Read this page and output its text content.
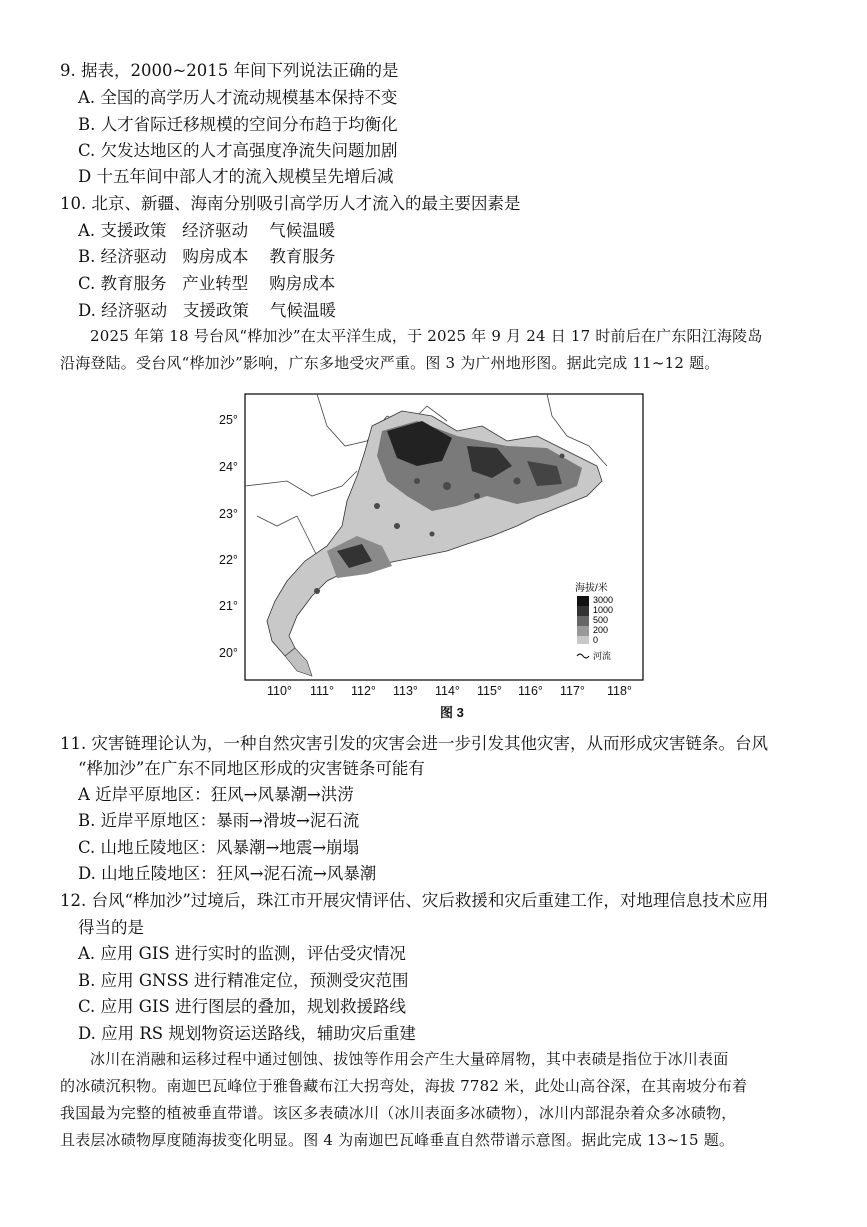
9. 据表，2000~2015 年间下列说法正确的是
A. 全国的高学历人才流动规模基本保持不变
B. 人才省际迁移规模的空间分布趋于均衡化
C. 欠发达地区的人才高强度净流失问题加剧
D 十五年间中部人才的流入规模呈先增后减
10. 北京、新疆、海南分别吸引高学历人才流入的最主要因素是
A. 支援政策   经济驱动    气候温暖
B. 经济驱动   购房成本    教育服务
C. 教育服务   产业转型    购房成本
D. 经济驱动   支援政策    气候温暖
2025 年第 18 号台风“桦加沙”在太平洋生成，于 2025 年 9 月 24 日 17 时前后在广东阳江海陵岛
沿海登陆。受台风“桦加沙”影响，广东多地受灾严重。图 3 为广州地形图。据此完成 11~12 题。
海拔/米
3000
1000
500
200
0
河流
25°
24°
23°
22°
21°
20°
110° 111° 112° 113° 114° 115° 116° 117° 118°
图 3
11. 灾害链理论认为，一种自然灾害引发的灾害会进一步引发其他灾害，从而形成灾害链条。台风
“桦加沙”在广东不同地区形成的灾害链条可能有
A 近岸平原地区：狂风→风暴潮→洪涝
B. 近岸平原地区：暴雨→滑坡→泥石流
C. 山地丘陵地区：风暴潮→地震→崩塌
D. 山地丘陵地区：狂风→泥石流→风暴潮
12. 台风“桦加沙”过境后，珠江市开展灾情评估、灾后救援和灾后重建工作，对地理信息技术应用
得当的是
A. 应用 GIS 进行实时的监测，评估受灾情况
B. 应用 GNSS 进行精准定位，预测受灾范围
C. 应用 GIS 进行图层的叠加，规划救援路线
D. 应用 RS 规划物资运送路线，辅助灾后重建
冰川在消融和运移过程中通过刨蚀、拔蚀等作用会产生大量碎屑物，其中表碛是指位于冰川表面
的冰碛沉积物。南迦巴瓦峰位于雅鲁藏布江大拐弯处，海拔 7782 米，此处山高谷深，在其南坡分布着
我国最为完整的植被垂直带谱。该区多表碛冰川（冰川表面多冰碛物），冰川内部混杂着众多冰碛物，
且表层冰碛物厚度随海拔变化明显。图 4 为南迦巴瓦峰垂直自然带谱示意图。据此完成 13~15 题。
